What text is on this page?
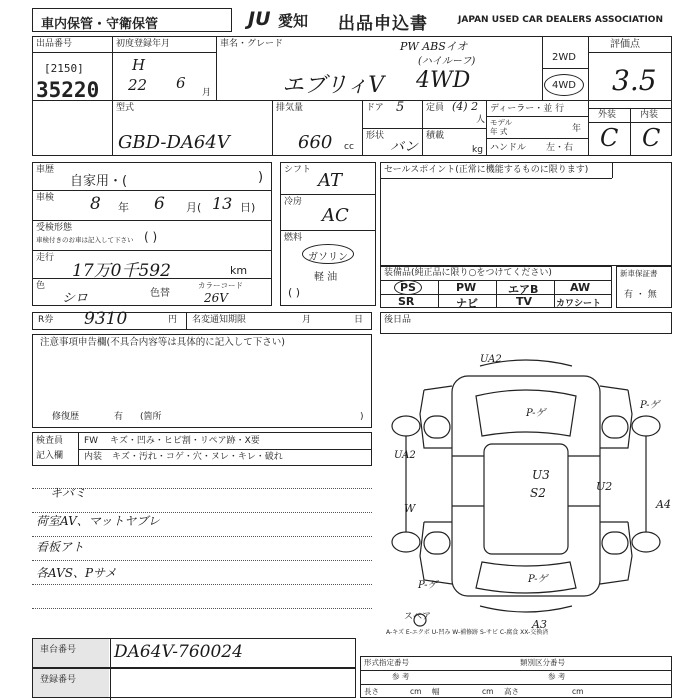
車内保管・守衛保管	JU 愛知 出品申込書	JAPAN USED CAR DEALERS ASSOCIATION
出品番号
[2150]
35220
初度登録年月
H
22 6
月
車名・グレード	PW ABSイオ
(ハイルーフ)
エブリィV 4WD
2WD
4WD
評価点
3.5
外装	内装
C C
型式
GBD-DA64V
排気量
660 cc
ドア 5 定員 (4) 2
人
形状
バン
積載
kg
ディーラー・並 行
モデル
年 式	年
ハンドル 左・右
車歴
自家用・(	)
車検 8 年 6 月( 13 日)
受検形態
車検付きのお車は記入して下さい ( )
走行
17万0千592	km
色
シロ	色替
カラーコード
26V
シフト AT
冷房
AC
燃料
ガソリン
軽 油
( )
セールスポイント(正常に機能するものに限ります)
装備品(純正品に限り○をつけてください)
PS	PW	エアB	AW
SR	ナビ	TV	カワシート
新車保証書
有 ・ 無
R券 9310	円 名変通知期限	月	日 後日品
注意事項申告欄(不具合内容等は具体的に記入して下さい)
修復歴	有 (箇所	)
検査員
記入欄
FW キズ・凹み・ヒビ割・リペア跡・X要
内装 キズ・汚れ・コゲ・穴・ヌレ・キレ・破れ
キバミ
荷室AV、マットヤブレ
看板アト
各AVS、Pサメ
UA2
P-ゲ
P-ゲ
UA2
U3
S2	U2
A4
W
P-ゲ
P-ゲ
A3
スペア
A-キズ E-エクボ U-凹み W-補修跡 S-サビ C-腐食 XX-交換済
車台番号 DA64V-760024
登録番号
形式指定番号	類別区分番号
参 考	参 考
長さ	cm 幅	cm 高さ	cm
